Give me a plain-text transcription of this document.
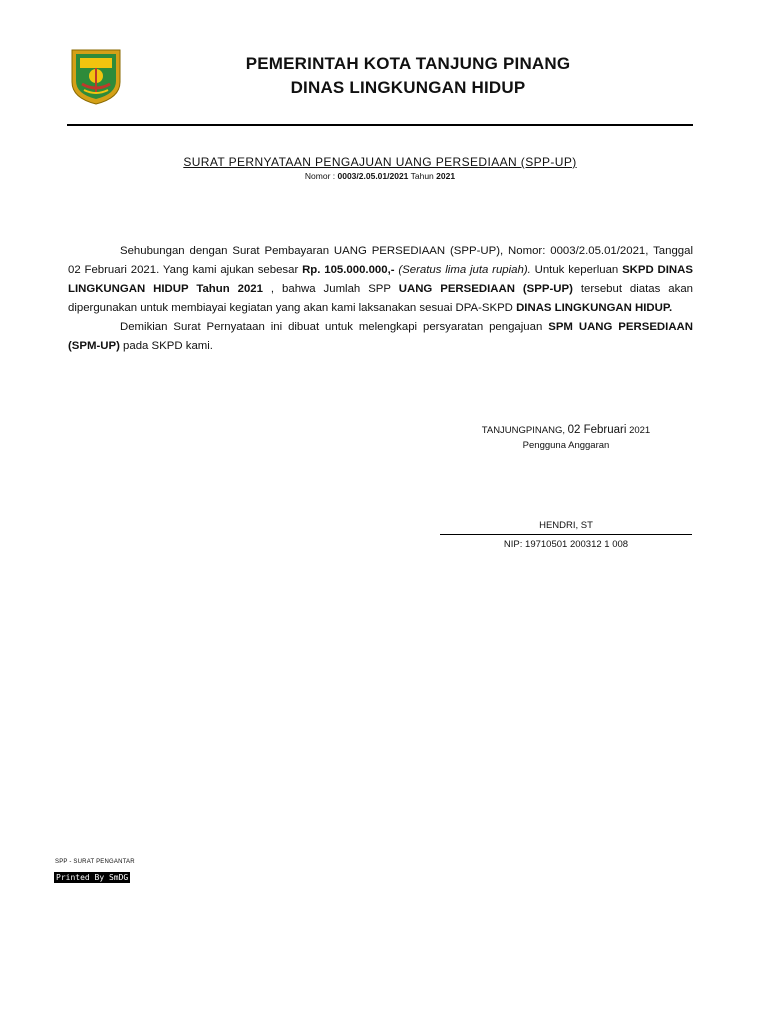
PEMERINTAH KOTA TANJUNG PINANG
DINAS LINGKUNGAN HIDUP
SURAT PERNYATAAN PENGAJUAN UANG PERSEDIAAN (SPP-UP)
Nomor : 0003/2.05.01/2021 Tahun 2021

Sehubungan dengan Surat Pembayaran UANG PERSEDIAAN (SPP-UP), Nomor: 0003/2.05.01/2021, Tanggal 02 Februari 2021. Yang kami ajukan sebesar Rp. 105.000.000,- (Seratus lima juta rupiah). Untuk keperluan SKPD DINAS LINGKUNGAN HIDUP Tahun 2021 , bahwa Jumlah SPP UANG PERSEDIAAN (SPP-UP) tersebut diatas akan dipergunakan untuk membiayai kegiatan yang akan kami laksanakan sesuai DPA-SKPD DINAS LINGKUNGAN HIDUP.

Demikian Surat Pernyataan ini dibuat untuk melengkapi persyaratan pengajuan SPM UANG PERSEDIAAN (SPM-UP) pada SKPD kami.

TANJUNGPINANG, 02 Februari 2021
Pengguna Anggaran
HENDRI, ST
NIP: 19710501 200312 1 008
SPP - SURAT PENGANTAR
Printed By SmDG
